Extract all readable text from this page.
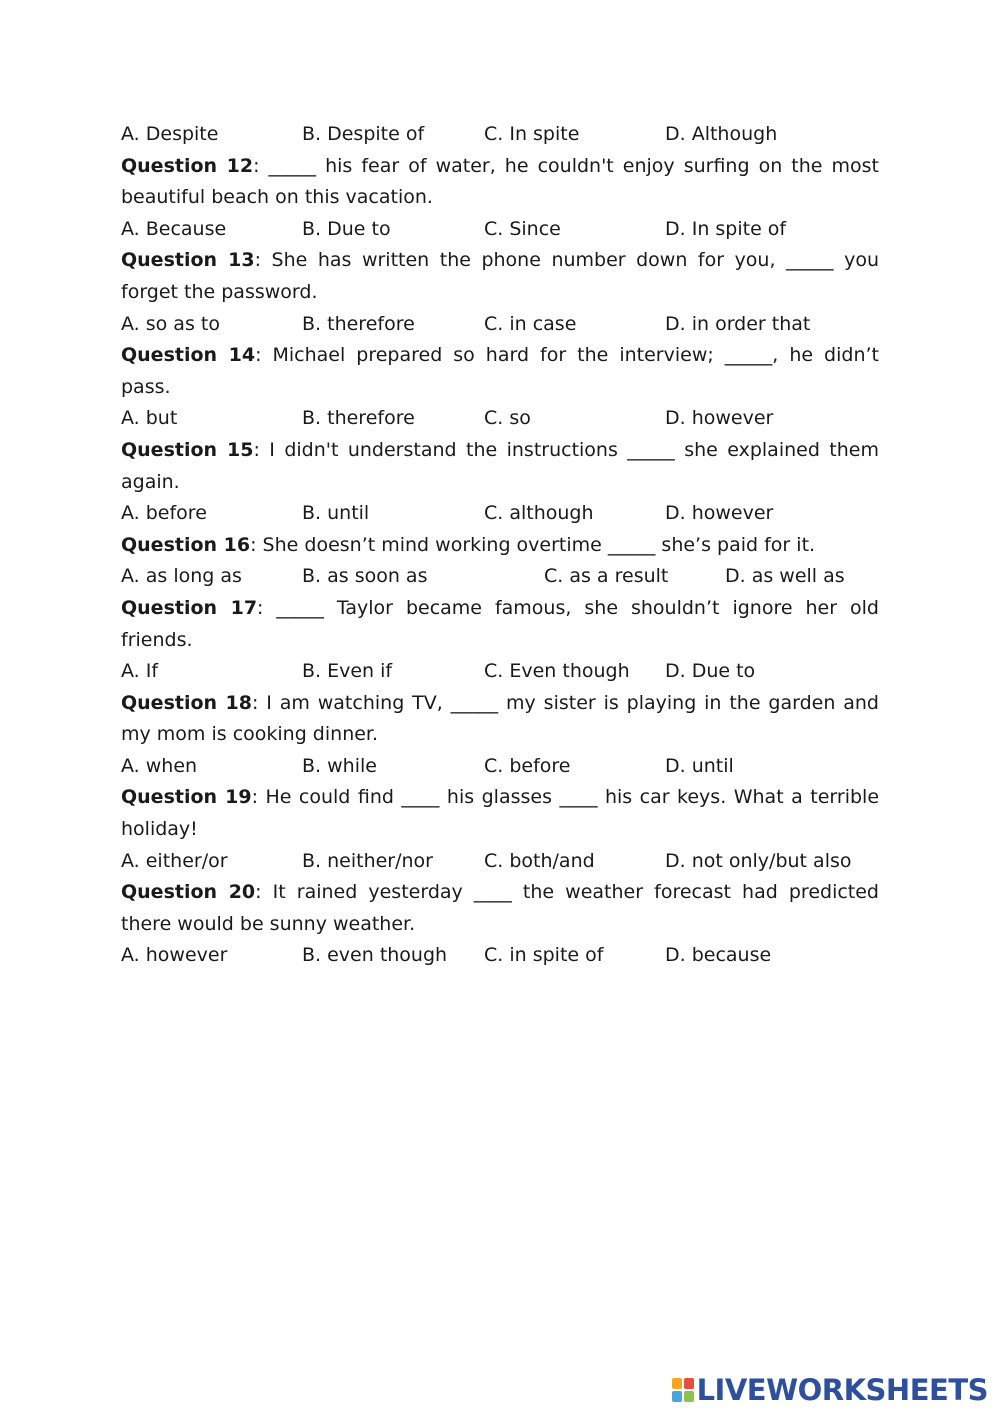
A. Despite	B. Despite of	C. In spite	D. Although
Question 12: _____ his fear of water, he couldn't enjoy surfing on the most beautiful beach on this vacation.
A. Because	B. Due to	C. Since	D. In spite of
Question 13: She has written the phone number down for you, _____ you forget the password.
A. so as to	B. therefore	C. in case	D. in order that
Question 14: Michael prepared so hard for the interview; _____, he didn’t pass.
A. but	B. therefore	C. so	D. however
Question 15: I didn't understand the instructions _____ she explained them again.
A. before	B. until	C. although	D. however
Question 16: She doesn’t mind working overtime _____ she’s paid for it.
A. as long as	B. as soon as	C. as a result	D. as well as
Question 17: _____ Taylor became famous, she shouldn’t ignore her old friends.
A. If	B. Even if	C. Even though D. Due to
Question 18: I am watching TV, _____ my sister is playing in the garden and my mom is cooking dinner.
A. when	B. while	C. before	D. until
Question 19: He could find ____ his glasses ____ his car keys. What a terrible holiday!
A. either/or	B. neither/nor	C. both/and	D. not only/but also
Question 20: It rained yesterday ____ the weather forecast had predicted there would be sunny weather.
A. however	B. even though C. in spite of	D. because
LIVEWORKSHEETS
